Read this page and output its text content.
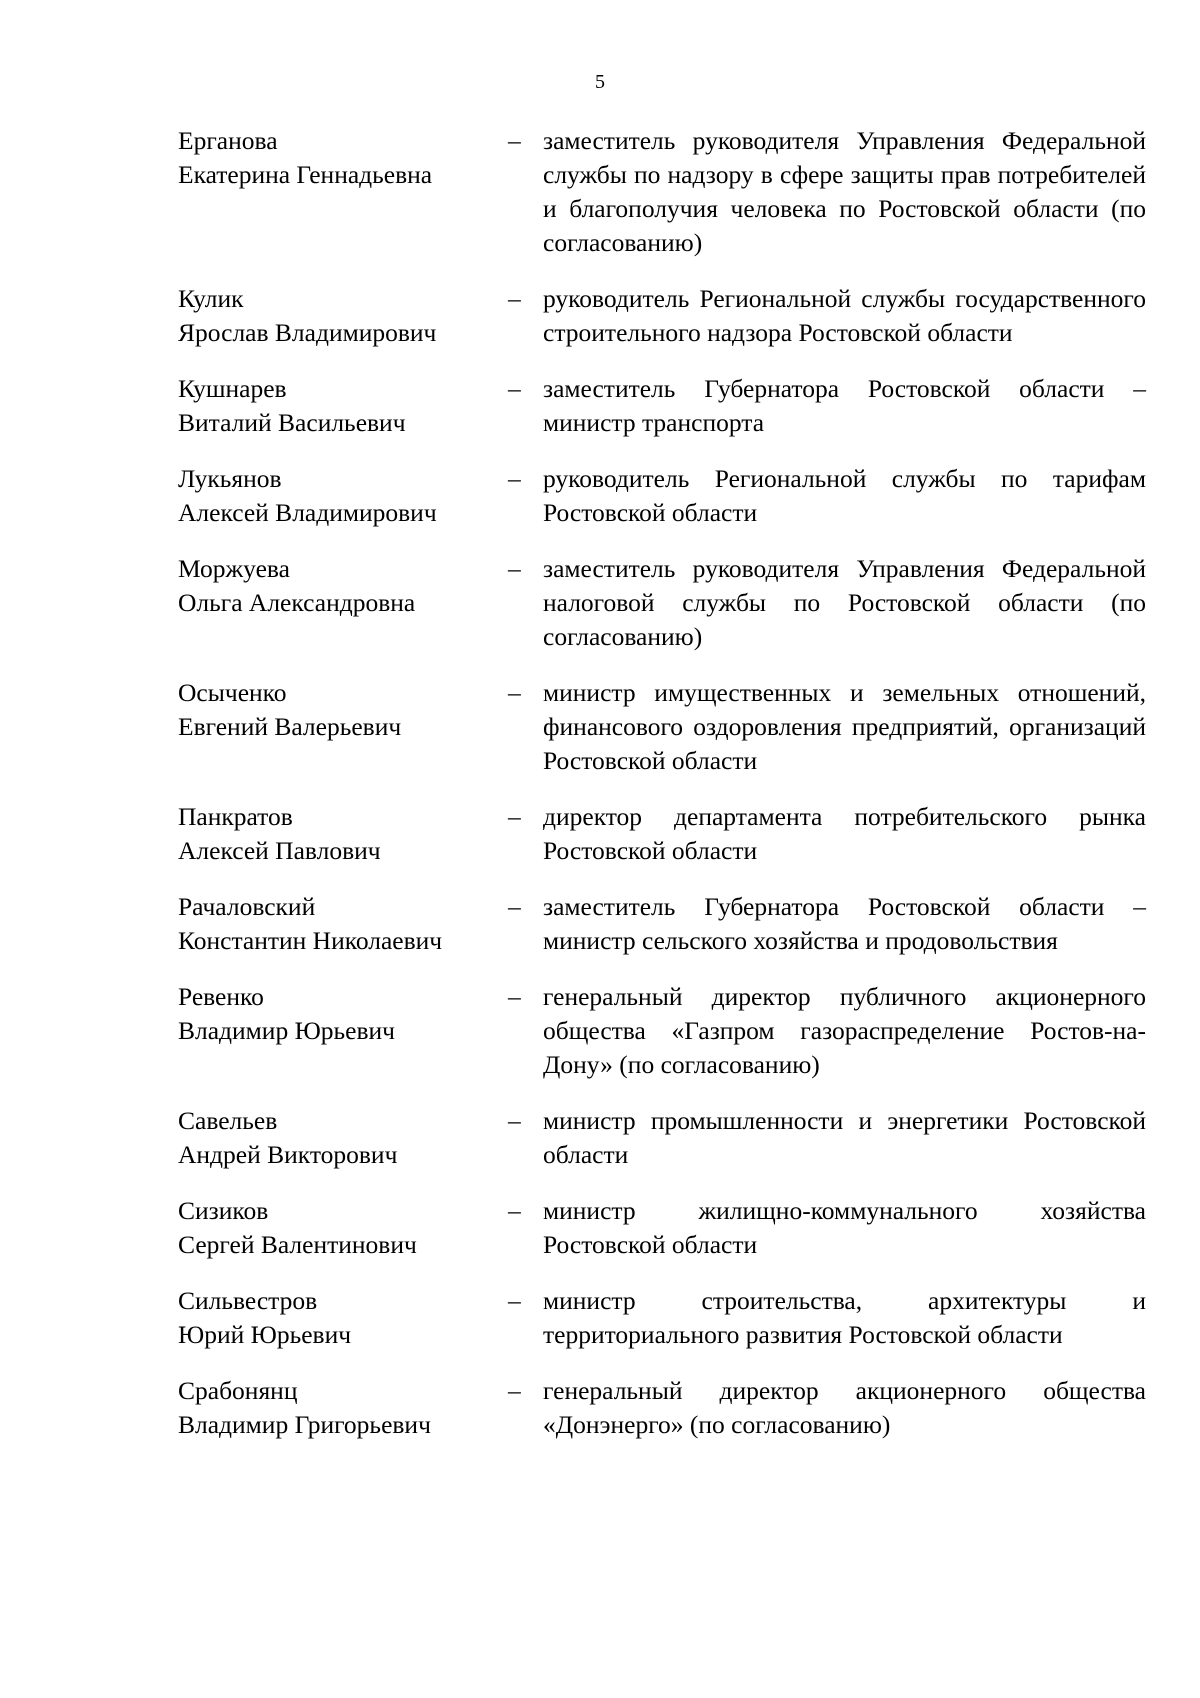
5
Ерганова
Екатерина Геннадьевна
– заместитель руководителя Управления Федеральной службы по надзору в сфере защиты прав потребителей и благополучия человека по Ростовской области (по согласованию)
Кулик
Ярослав Владимирович
– руководитель Региональной службы государственного строительного надзора Ростовской области
Кушнарев
Виталий Васильевич
– заместитель Губернатора Ростовской области – министр транспорта
Лукьянов
Алексей Владимирович
– руководитель Региональной службы по тарифам Ростовской области
Моржуева
Ольга Александровна
– заместитель руководителя Управления Федеральной налоговой службы по Ростовской области (по согласованию)
Осыченко
Евгений Валерьевич
– министр имущественных и земельных отношений, финансового оздоровления предприятий, организаций Ростовской области
Панкратов
Алексей Павлович
– директор департамента потребительского рынка Ростовской области
Рачаловский
Константин Николаевич
– заместитель Губернатора Ростовской области – министр сельского хозяйства и продовольствия
Ревенко
Владимир Юрьевич
– генеральный директор публичного акционерного общества «Газпром газораспределение Ростов-на-Дону» (по согласованию)
Савельев
Андрей Викторович
– министр промышленности и энергетики Ростовской области
Сизиков
Сергей Валентинович
– министр жилищно-коммунального хозяйства Ростовской области
Сильвестров
Юрий Юрьевич
– министр строительства, архитектуры и территориального развития Ростовской области
Срабонянц
Владимир Григорьевич
– генеральный директор акционерного общества «Донэнерго» (по согласованию)
